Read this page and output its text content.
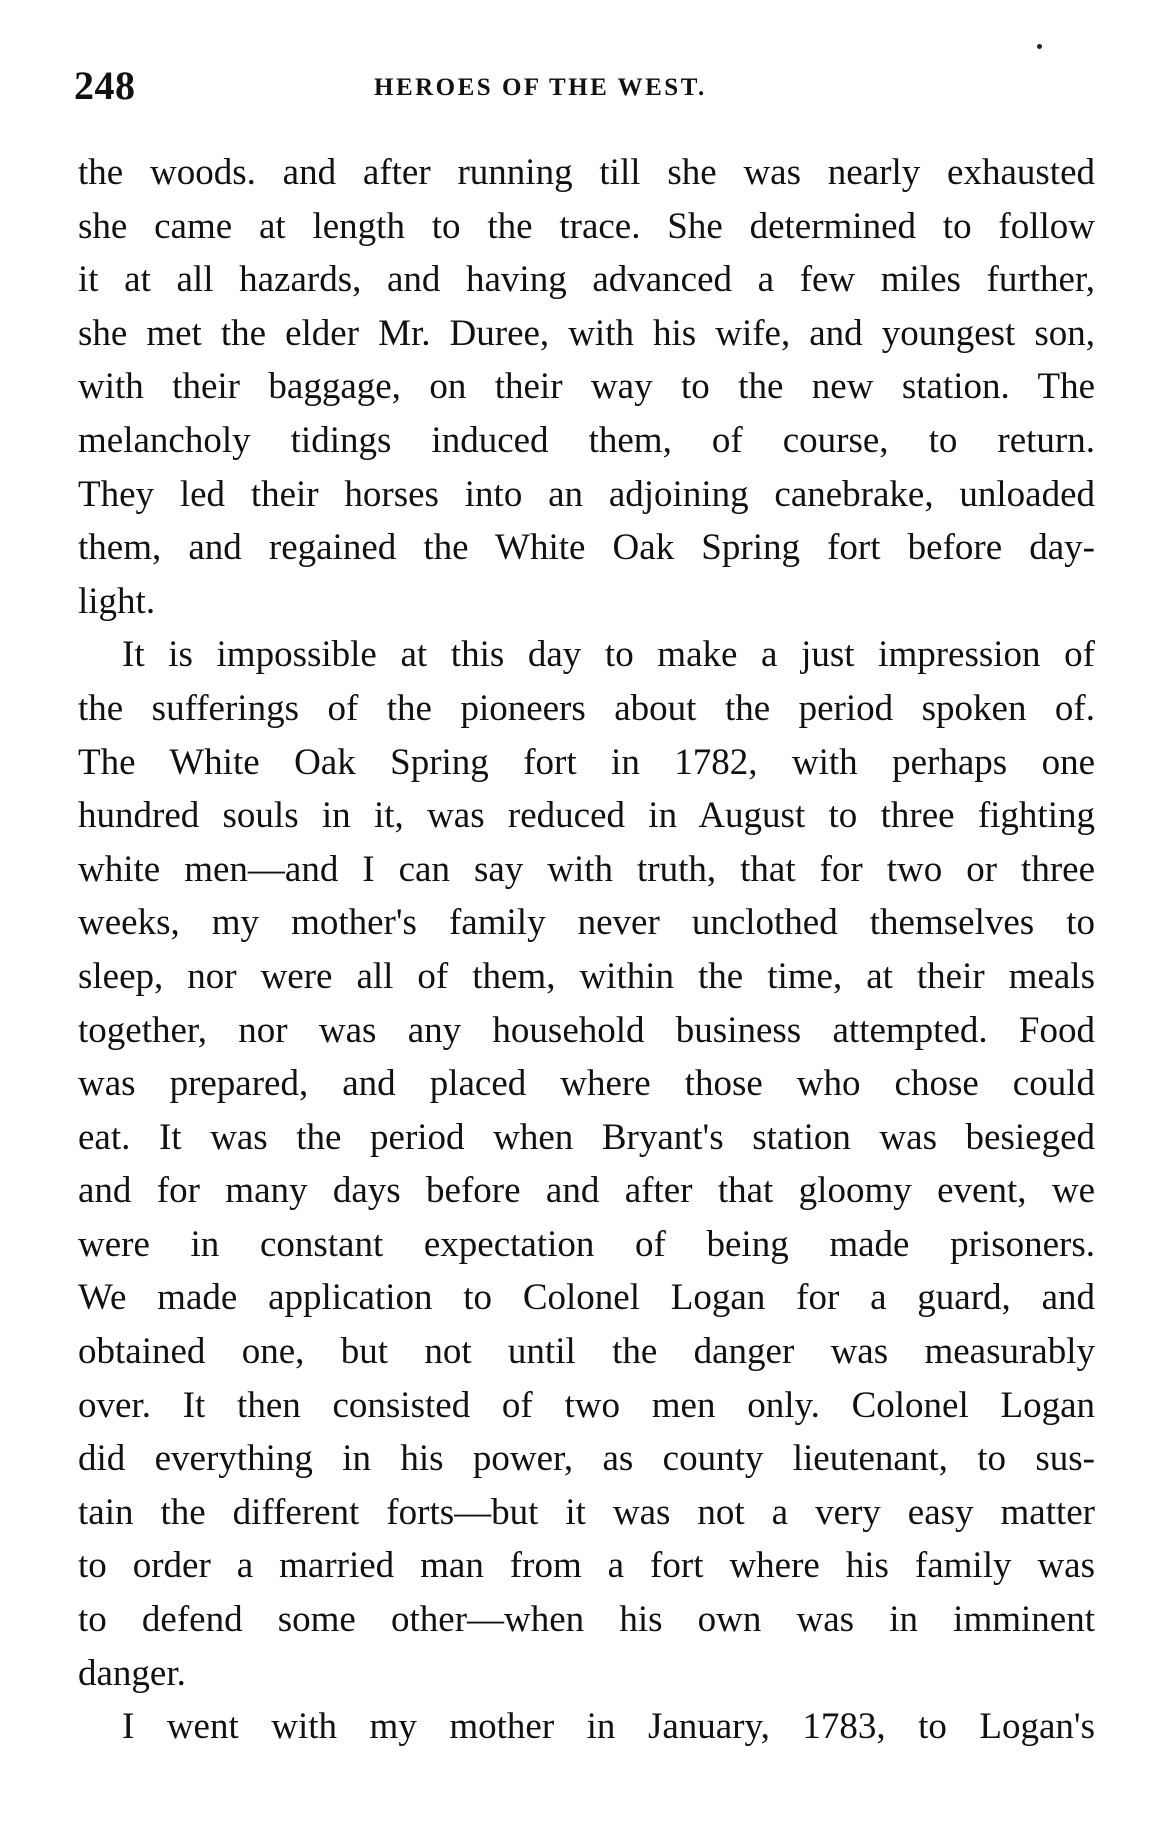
248	HEROES OF THE WEST.
the woods. and after running till she was nearly exhausted
she came at length to the trace. She determined to follow
it at all hazards, and having advanced a few miles further,
she met the elder Mr. Duree, with his wife, and youngest son,
with their baggage, on their way to the new station. The
melancholy tidings induced them, of course, to return.
They led their horses into an adjoining canebrake, unloaded
them, and regained the White Oak Spring fort before day-
light.
It is impossible at this day to make a just impression of
the sufferings of the pioneers about the period spoken of.
The White Oak Spring fort in 1782, with perhaps one
hundred souls in it, was reduced in August to three fighting
white men—and I can say with truth, that for two or three
weeks, my mother's family never unclothed themselves to
sleep, nor were all of them, within the time, at their meals
together, nor was any household business attempted. Food
was prepared, and placed where those who chose could
eat. It was the period when Bryant's station was besieged
and for many days before and after that gloomy event, we
were in constant expectation of being made prisoners.
We made application to Colonel Logan for a guard, and
obtained one, but not until the danger was measurably
over. It then consisted of two men only. Colonel Logan
did everything in his power, as county lieutenant, to sus-
tain the different forts—but it was not a very easy matter
to order a married man from a fort where his family was
to defend some other—when his own was in imminent
danger.
I went with my mother in January, 1783, to Logan's
